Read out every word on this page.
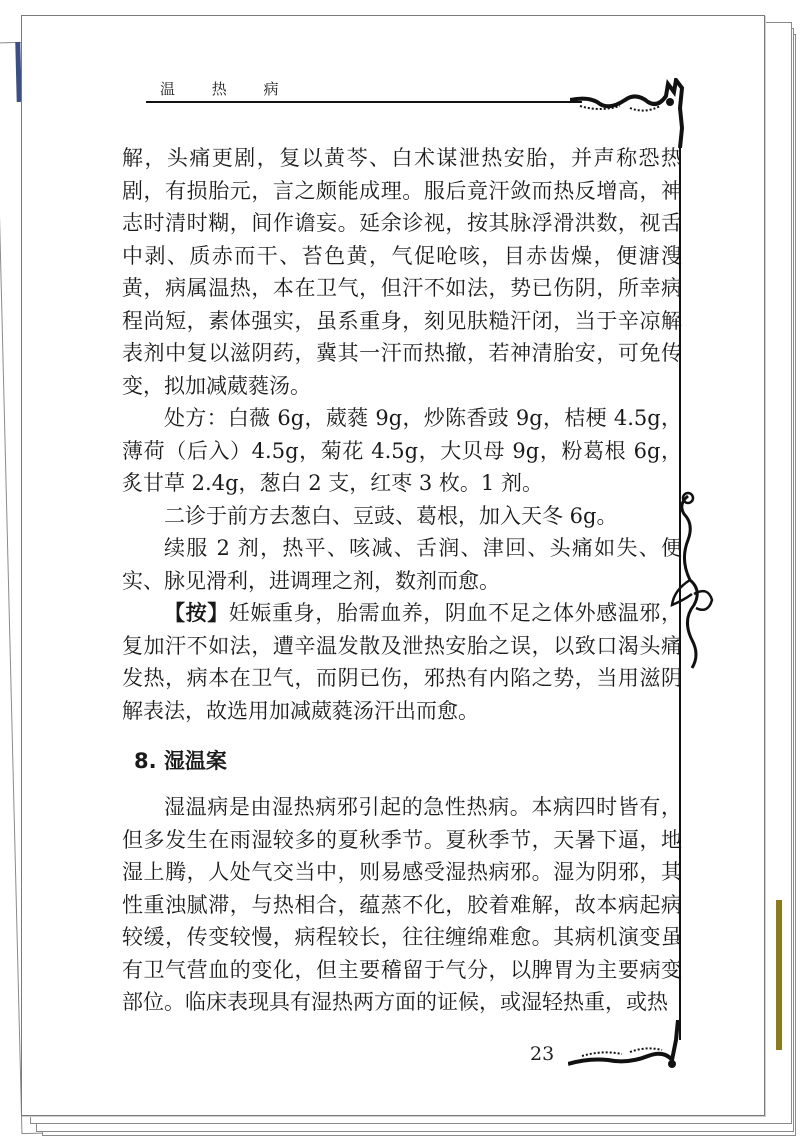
温 热 病

解，头痛更剧，复以黄芩、白术谋泄热安胎，并声称恐热剧，有损胎元，言之颇能成理。服后竟汗敛而热反增高，神志时清时糊，间作谵妄。延余诊视，按其脉浮滑洪数，视舌中剥、质赤而干、苔色黄，气促呛咳，目赤齿燥，便溏溲黄，病属温热，本在卫气，但汗不如法，势已伤阴，所幸病程尚短，素体强实，虽系重身，刻见肤糙汗闭，当于辛凉解表剂中复以滋阴药，冀其一汗而热撤，若神清胎安，可免传变，拟加减葳蕤汤。

处方：白薇 6g，葳蕤 9g，炒陈香豉 9g，桔梗 4.5g，薄荷（后入）4.5g，菊花 4.5g，大贝母 9g，粉葛根 6g，炙甘草 2.4g，葱白 2 支，红枣 3 枚。1 剂。

二诊于前方去葱白、豆豉、葛根，加入天冬 6g。

续服 2 剂，热平、咳减、舌润、津回、头痛如失、便实、脉见滑利，进调理之剂，数剂而愈。

【按】妊娠重身，胎需血养，阴血不足之体外感温邪，复加汗不如法，遭辛温发散及泄热安胎之误，以致口渴头痛发热，病本在卫气，而阴已伤，邪热有内陷之势，当用滋阴解表法，故选用加减葳蕤汤汗出而愈。

8. 湿温案

湿温病是由湿热病邪引起的急性热病。本病四时皆有，但多发生在雨湿较多的夏秋季节。夏秋季节，天暑下逼，地湿上腾，人处气交当中，则易感受湿热病邪。湿为阴邪，其性重浊腻滞，与热相合，蕴蒸不化，胶着难解，故本病起病较缓，传变较慢，病程较长，往往缠绵难愈。其病机演变虽有卫气营血的变化，但主要稽留于气分，以脾胃为主要病变部位。临床表现具有湿热两方面的证候，或湿轻热重，或热

23
